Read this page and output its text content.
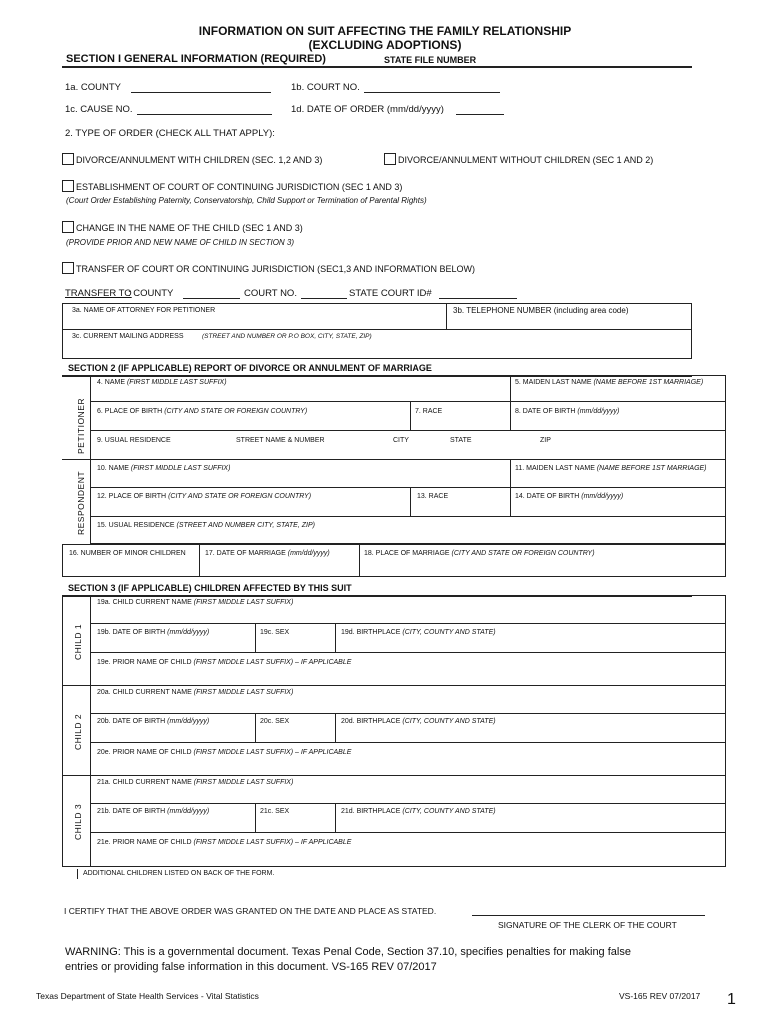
INFORMATION ON SUIT AFFECTING THE FAMILY RELATIONSHIP
(EXCLUDING ADOPTIONS)
SECTION I GENERAL INFORMATION (REQUIRED)	STATE FILE NUMBER
1a. COUNTY	1b. COURT NO.
1c. CAUSE NO.	1d. DATE OF ORDER (mm/dd/yyyy)
2. TYPE OF ORDER (CHECK ALL THAT APPLY):
DIVORCE/ANNULMENT WITH CHILDREN (SEC. 1,2 AND 3)	DIVORCE/ANNULMENT WITHOUT CHILDREN (SEC 1 AND 2)
ESTABLISHMENT OF COURT OF CONTINUING JURISDICTION (SEC 1 AND 3)
(Court Order Establishing Paternity, Conservatorship, Child Support or Termination of Parental Rights)
CHANGE IN THE NAME OF THE CHILD (SEC 1 AND 3)
(PROVIDE PRIOR AND NEW NAME OF CHILD IN SECTION 3)
TRANSFER OF COURT OR CONTINUING JURISDICTION (SEC1,3 AND INFORMATION BELOW)
TRANSFER TO
: COUNTY	COURT NO.	STATE COURT ID#
3a. NAME OF ATTORNEY FOR PETITIONER	3b. TELEPHONE NUMBER (including area code)
3c. CURRENT MAILING ADDRESS	(STREET AND NUMBER OR P.O BOX, CITY, STATE, ZIP)
SECTION 2 (IF APPLICABLE) REPORT OF DIVORCE OR ANNULMENT OF MARRIAGE
PETITIONER
RESPONDENT
4. NAME (FIRST MIDDLE LAST SUFFIX)	5. MAIDEN LAST NAME (NAME BEFORE 1ST MARRIAGE)
6. PLACE OF BIRTH (CITY AND STATE OR FOREIGN COUNTRY)	7. RACE	8. DATE OF BIRTH (mm/dd/yyyy)
9. USUAL RESIDENCE	STREET NAME & NUMBER	CITY	STATE	ZIP
10. NAME (FIRST MIDDLE LAST SUFFIX)	11. MAIDEN LAST NAME (NAME BEFORE 1ST MARRIAGE)
12. PLACE OF BIRTH (CITY AND STATE OR FOREIGN COUNTRY)	13. RACE	14. DATE OF BIRTH (mm/dd/yyyy)
15. USUAL RESIDENCE (STREET AND NUMBER CITY, STATE, ZIP)
16. NUMBER OF MINOR CHILDREN	17. DATE OF MARRIAGE (mm/dd/yyyy)	18. PLACE OF MARRIAGE (CITY AND STATE OR FOREIGN COUNTRY)
SECTION 3 (IF APPLICABLE) CHILDREN AFFECTED BY THIS SUIT
CHILD 1
19a. CHILD CURRENT NAME (FIRST MIDDLE LAST SUFFIX)
19b. DATE OF BIRTH (mm/dd/yyyy)	19c. SEX	19d. BIRTHPLACE (CITY, COUNTY AND STATE)
19e. PRIOR NAME OF CHILD (FIRST MIDDLE LAST SUFFIX) – IF APPLICABLE
CHILD 2
20a. CHILD CURRENT NAME (FIRST MIDDLE LAST SUFFIX)
20b. DATE OF BIRTH (mm/dd/yyyy)	20c. SEX	20d. BIRTHPLACE (CITY, COUNTY AND STATE)
20e. PRIOR NAME OF CHILD (FIRST MIDDLE LAST SUFFIX) – IF APPLICABLE
CHILD 3
21a. CHILD CURRENT NAME (FIRST MIDDLE LAST SUFFIX)
21b. DATE OF BIRTH (mm/dd/yyyy)	21c. SEX	21d. BIRTHPLACE (CITY, COUNTY AND STATE)
21e. PRIOR NAME OF CHILD (FIRST MIDDLE LAST SUFFIX) – IF APPLICABLE
ADDITIONAL CHILDREN LISTED ON BACK OF THE FORM.
I CERTIFY THAT THE ABOVE ORDER WAS GRANTED ON THE DATE AND PLACE AS STATED.
SIGNATURE OF THE CLERK OF THE COURT
WARNING: This is a governmental document. Texas Penal Code, Section 37.10, specifies penalties for making false
entries or providing false information in this document. VS-165 REV 07/2017
Texas Department of State Health Services - Vital Statistics	VS-165 REV 07/2017 1
